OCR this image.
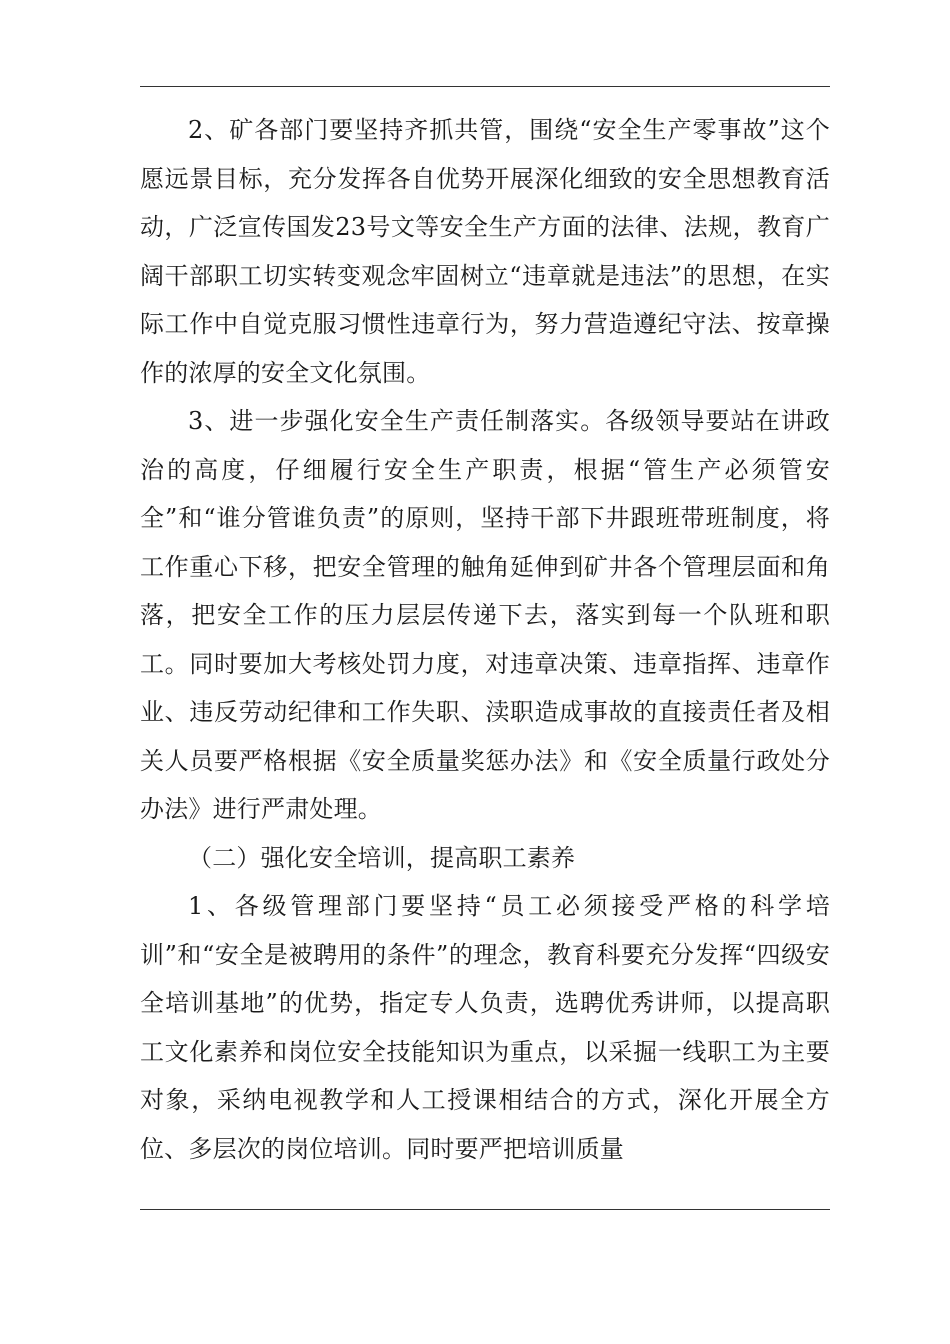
2、矿各部门要坚持齐抓共管，围绕“安全生产零事故”这个愿远景目标，充分发挥各自优势开展深化细致的安全思想教育活动，广泛宣传国发23号文等安全生产方面的法律、法规，教育广阔干部职工切实转变观念牢固树立“违章就是违法”的思想，在实际工作中自觉克服习惯性违章行为，努力营造遵纪守法、按章操作的浓厚的安全文化氛围。

3、进一步强化安全生产责任制落实。各级领导要站在讲政治的高度，仔细履行安全生产职责，根据“管生产必须管安全”和“谁分管谁负责”的原则，坚持干部下井跟班带班制度，将工作重心下移，把安全管理的触角延伸到矿井各个管理层面和角落，把安全工作的压力层层传递下去，落实到每一个队班和职工。同时要加大考核处罚力度，对违章决策、违章指挥、违章作业、违反劳动纪律和工作失职、渎职造成事故的直接责任者及相关人员要严格根据《安全质量奖惩办法》和《安全质量行政处分办法》进行严肃处理。

（二）强化安全培训，提高职工素养

1、各级管理部门要坚持“员工必须接受严格的科学培训”和“安全是被聘用的条件”的理念，教育科要充分发挥“四级安全培训基地”的优势，指定专人负责，选聘优秀讲师，以提高职工文化素养和岗位安全技能知识为重点，以采掘一线职工为主要对象，采纳电视教学和人工授课相结合的方式，深化开展全方位、多层次的岗位培训。同时要严把培训质量
